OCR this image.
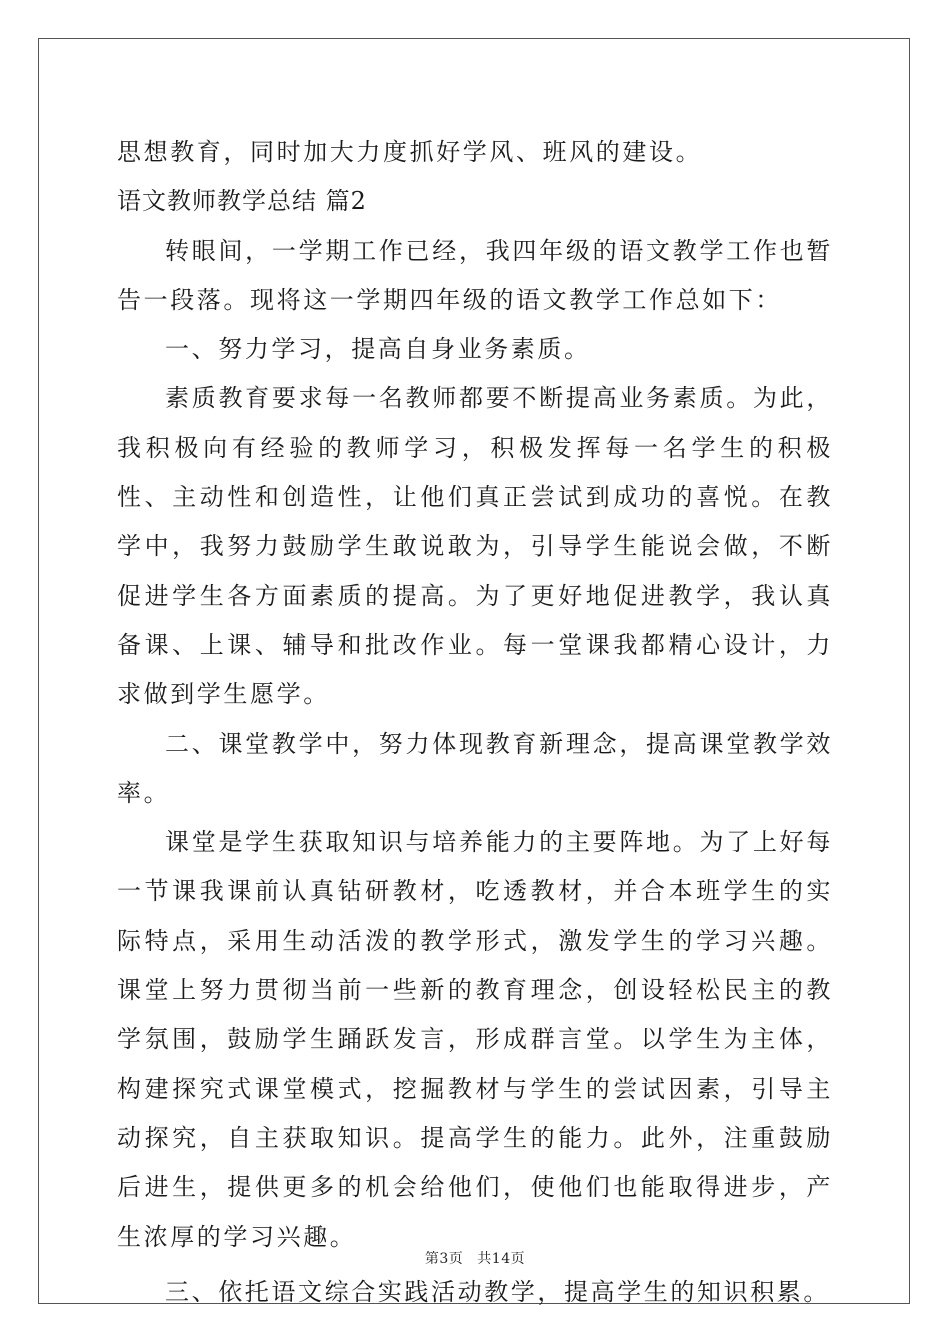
思想教育，同时加大力度抓好学风、班风的建设。

语文教师教学总结 篇2

转眼间，一学期工作已经，我四年级的语文教学工作也暂告一段落。现将这一学期四年级的语文教学工作总如下：

一、努力学习，提高自身业务素质。

素质教育要求每一名教师都要不断提高业务素质。为此，我积极向有经验的教师学习，积极发挥每一名学生的积极性、主动性和创造性，让他们真正尝试到成功的喜悦。在教学中，我努力鼓励学生敢说敢为，引导学生能说会做，不断促进学生各方面素质的提高。为了更好地促进教学，我认真备课、上课、辅导和批改作业。每一堂课我都精心设计，力求做到学生愿学。

二、课堂教学中，努力体现教育新理念，提高课堂教学效率。

课堂是学生获取知识与培养能力的主要阵地。为了上好每一节课我课前认真钻研教材，吃透教材，并合本班学生的实际特点，采用生动活泼的教学形式，激发学生的学习兴趣。课堂上努力贯彻当前一些新的教育理念，创设轻松民主的教学氛围，鼓励学生踊跃发言，形成群言堂。以学生为主体，构建探究式课堂模式，挖掘教材与学生的尝试因素，引导主动探究，自主获取知识。提高学生的能力。此外，注重鼓励后进生，提供更多的机会给他们，使他们也能取得进步，产生浓厚的学习兴趣。

三、依托语文综合实践活动教学，提高学生的知识积累。

第3页 共14页
